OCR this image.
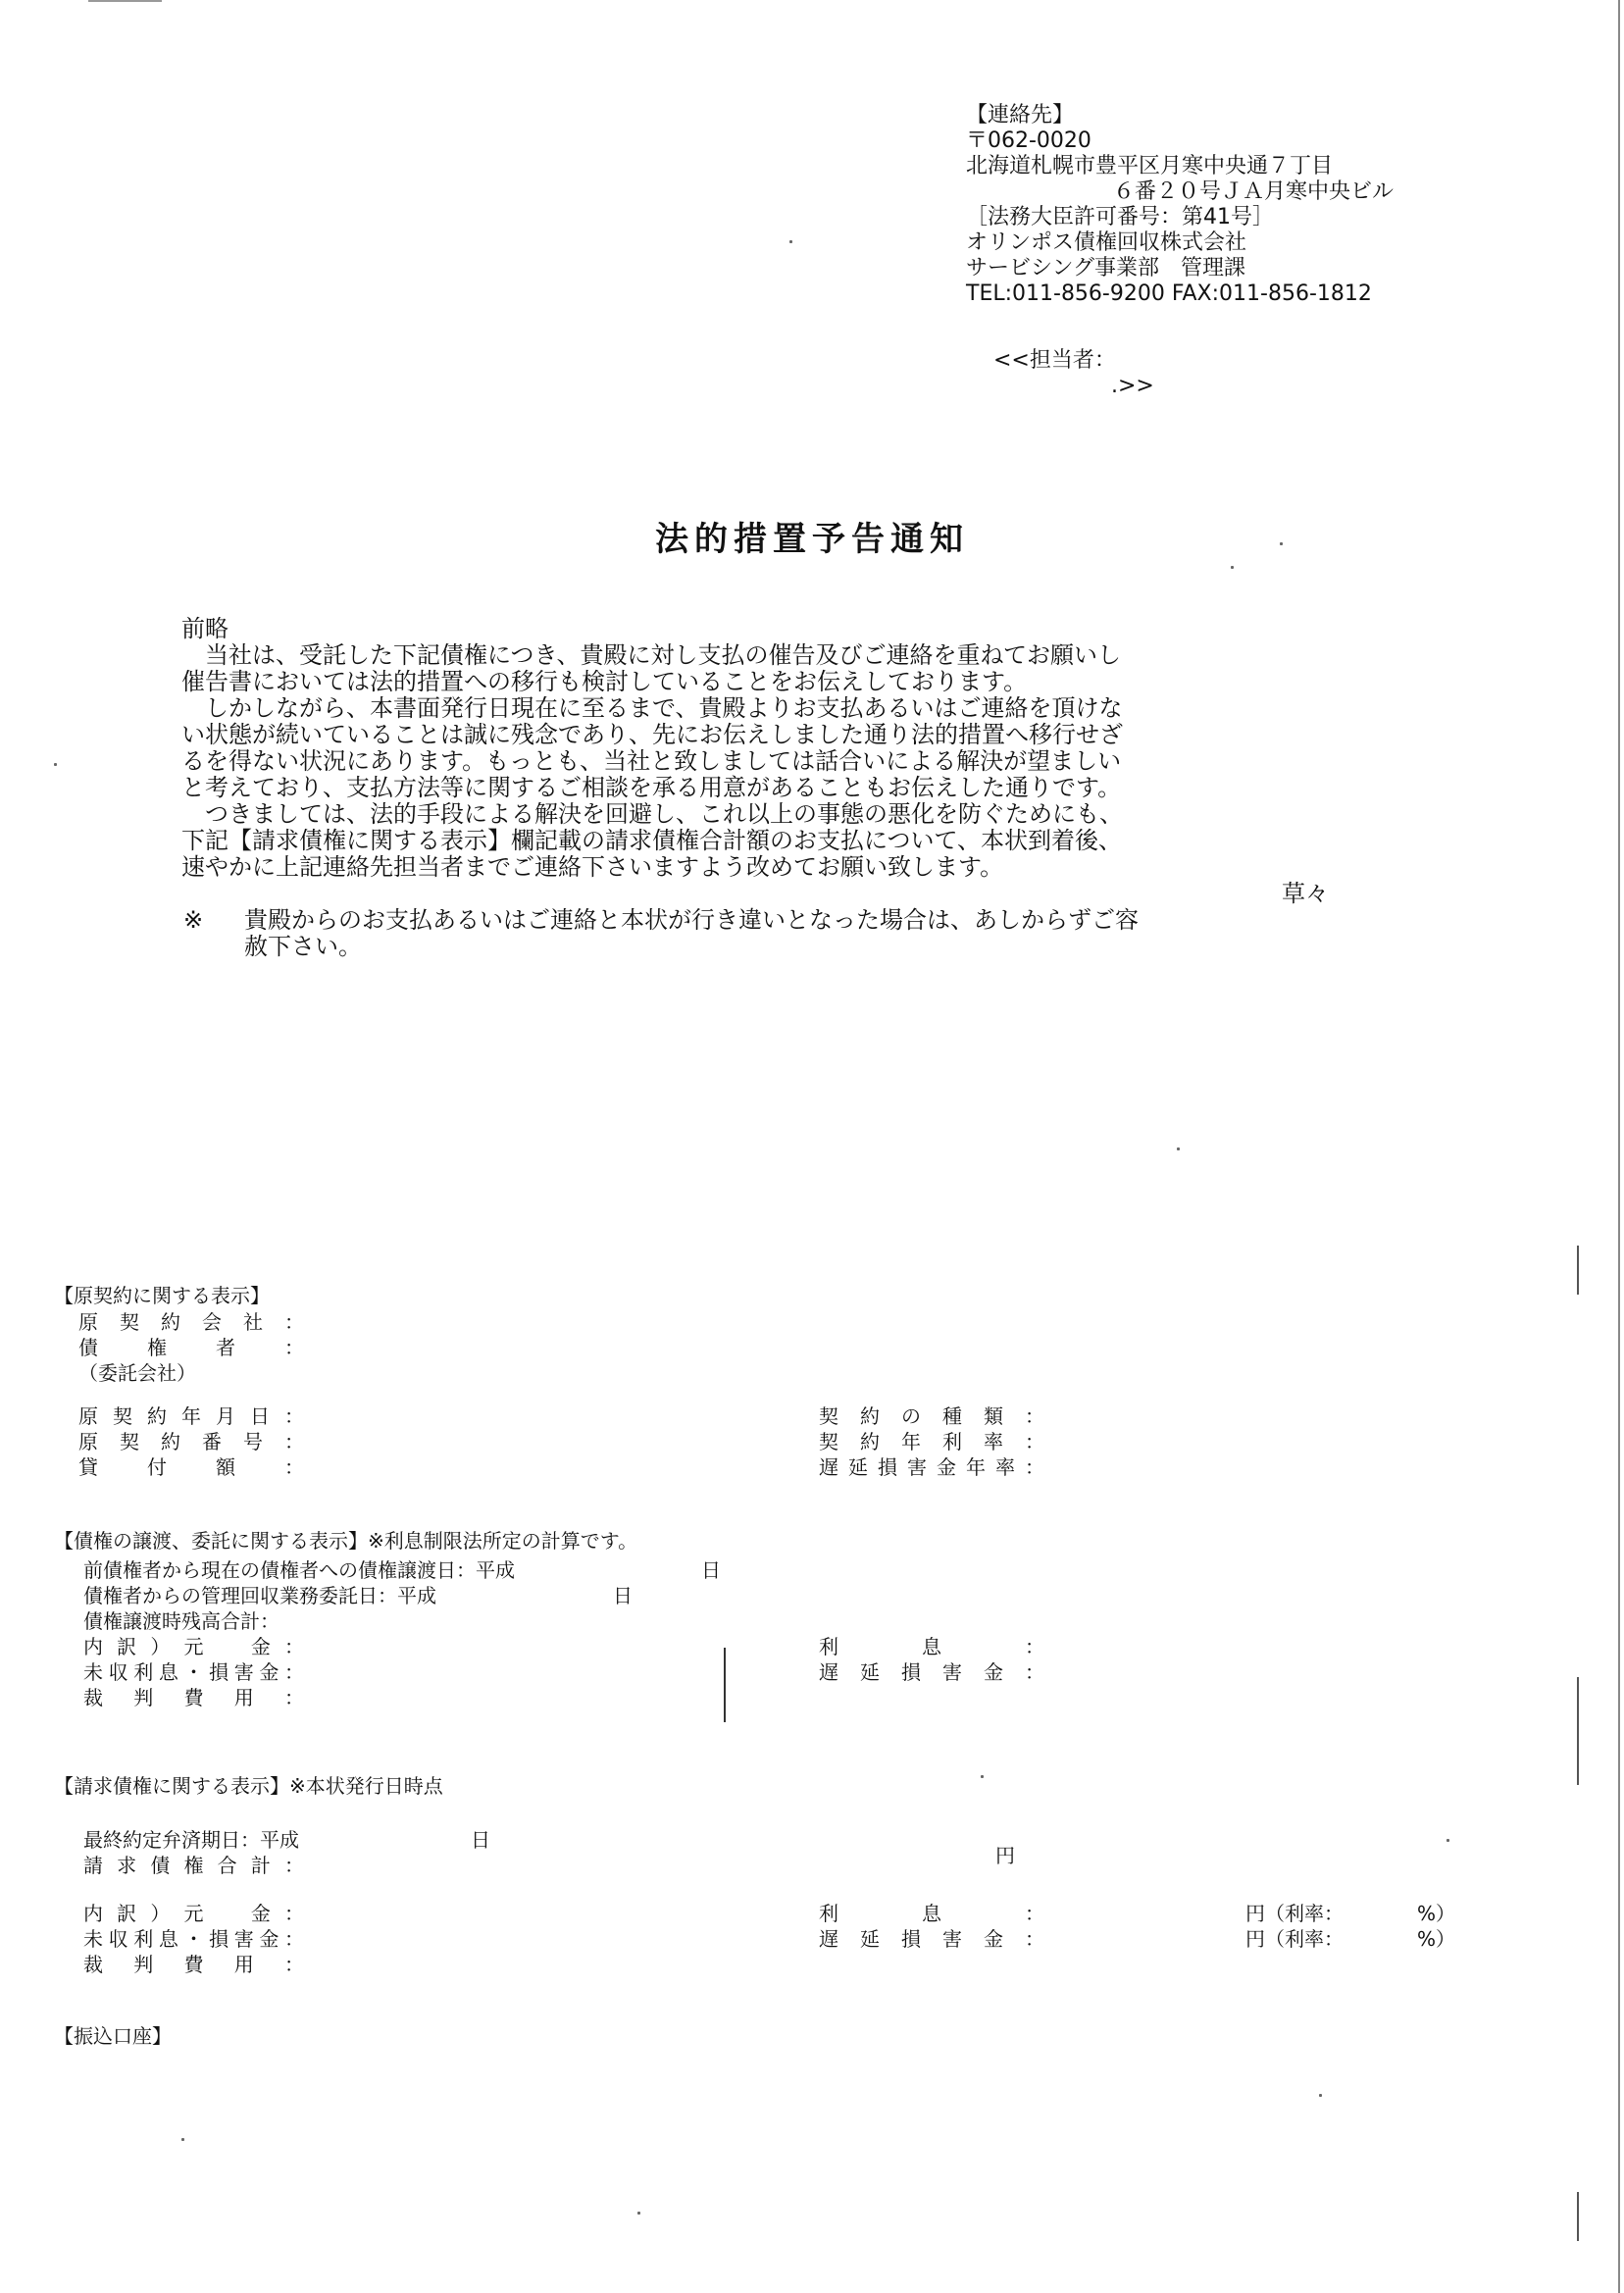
【連絡先】
〒062-0020
北海道札幌市豊平区月寒中央通７丁目
６番２０号ＪＡ月寒中央ビル
［法務大臣許可番号：第41号］
オリンポス債権回収株式会社
サービシング事業部　管理課
TEL:011-856-9200 FAX:011-856-1812

<<担当者：
.>>

法的措置予告通知

前略

当社は、受託した下記債権につき、貴殿に対し支払の催告及びご連絡を重ねてお願いし

催告書においては法的措置への移行も検討していることをお伝えしております。

しかしながら、本書面発行日現在に至るまで、貴殿よりお支払あるいはご連絡を頂けな

い状態が続いていることは誠に残念であり、先にお伝えしました通り法的措置へ移行せざ

るを得ない状況にあります。もっとも、当社と致しましては話合いによる解決が望ましい

と考えており、支払方法等に関するご相談を承る用意があることもお伝えした通りです。

つきましては、法的手段による解決を回避し、これ以上の事態の悪化を防ぐためにも、

下記【請求債権に関する表示】欄記載の請求債権合計額のお支払について、本状到着後、

速やかに上記連絡先担当者までご連絡下さいますよう改めてお願い致します。

草々

※	貴殿からのお支払あるいはご連絡と本状が行き違いとなった場合は、あしからずご容

赦下さい。

【原契約に関する表示】
原契約会社：
債権者：
（委託会社）
原契約年月日：
原契約番号：
貸付額：
契約の種類：
契約年利率：
遅延損害金年率：
【債権の譲渡、委託に関する表示】※利息制限法所定の計算です。
前債権者から現在の債権者への債権譲渡日：平成	日
債権者からの管理回収業務委託日：平成	日
債権譲渡時残高合計：
内訳）元　金：
未収利息・損害金：
裁判費用：
利息：
遅延損害金：
【請求債権に関する表示】※本状発行日時点
最終約定弁済期日：平成	日
請求債権合計：	円
内訳）元　金：
未収利息・損害金：
裁判費用：
利息：	円（利率：	%）
遅延損害金：	円（利率：	%）
【振込口座】
